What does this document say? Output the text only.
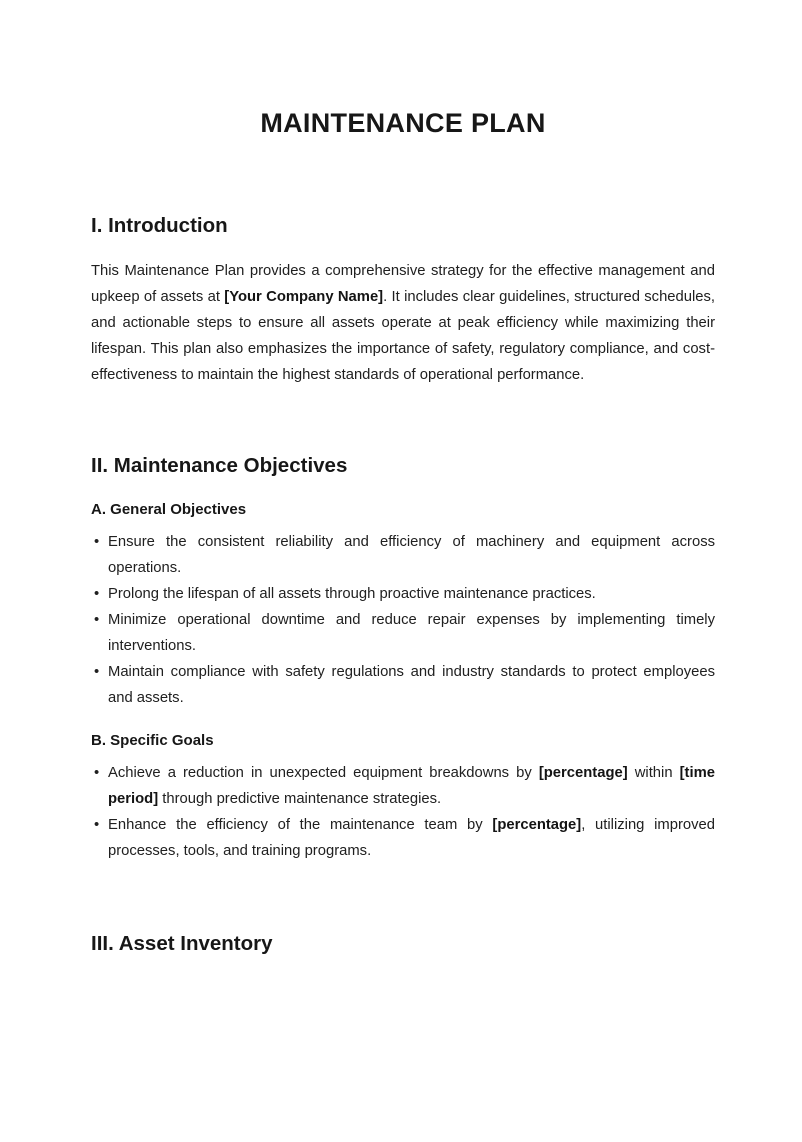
MAINTENANCE PLAN
I. Introduction

This Maintenance Plan provides a comprehensive strategy for the effective management and upkeep of assets at [Your Company Name]. It includes clear guidelines, structured schedules, and actionable steps to ensure all assets operate at peak efficiency while maximizing their lifespan. This plan also emphasizes the importance of safety, regulatory compliance, and cost-effectiveness to maintain the highest standards of operational performance.

II. Maintenance Objectives
A. General Objectives
• Ensure the consistent reliability and efficiency of machinery and equipment across operations.
• Prolong the lifespan of all assets through proactive maintenance practices.
• Minimize operational downtime and reduce repair expenses by implementing timely interventions.
• Maintain compliance with safety regulations and industry standards to protect employees and assets.
B. Specific Goals
• Achieve a reduction in unexpected equipment breakdowns by [percentage] within [time period] through predictive maintenance strategies.
• Enhance the efficiency of the maintenance team by [percentage], utilizing improved processes, tools, and training programs.
III. Asset Inventory
